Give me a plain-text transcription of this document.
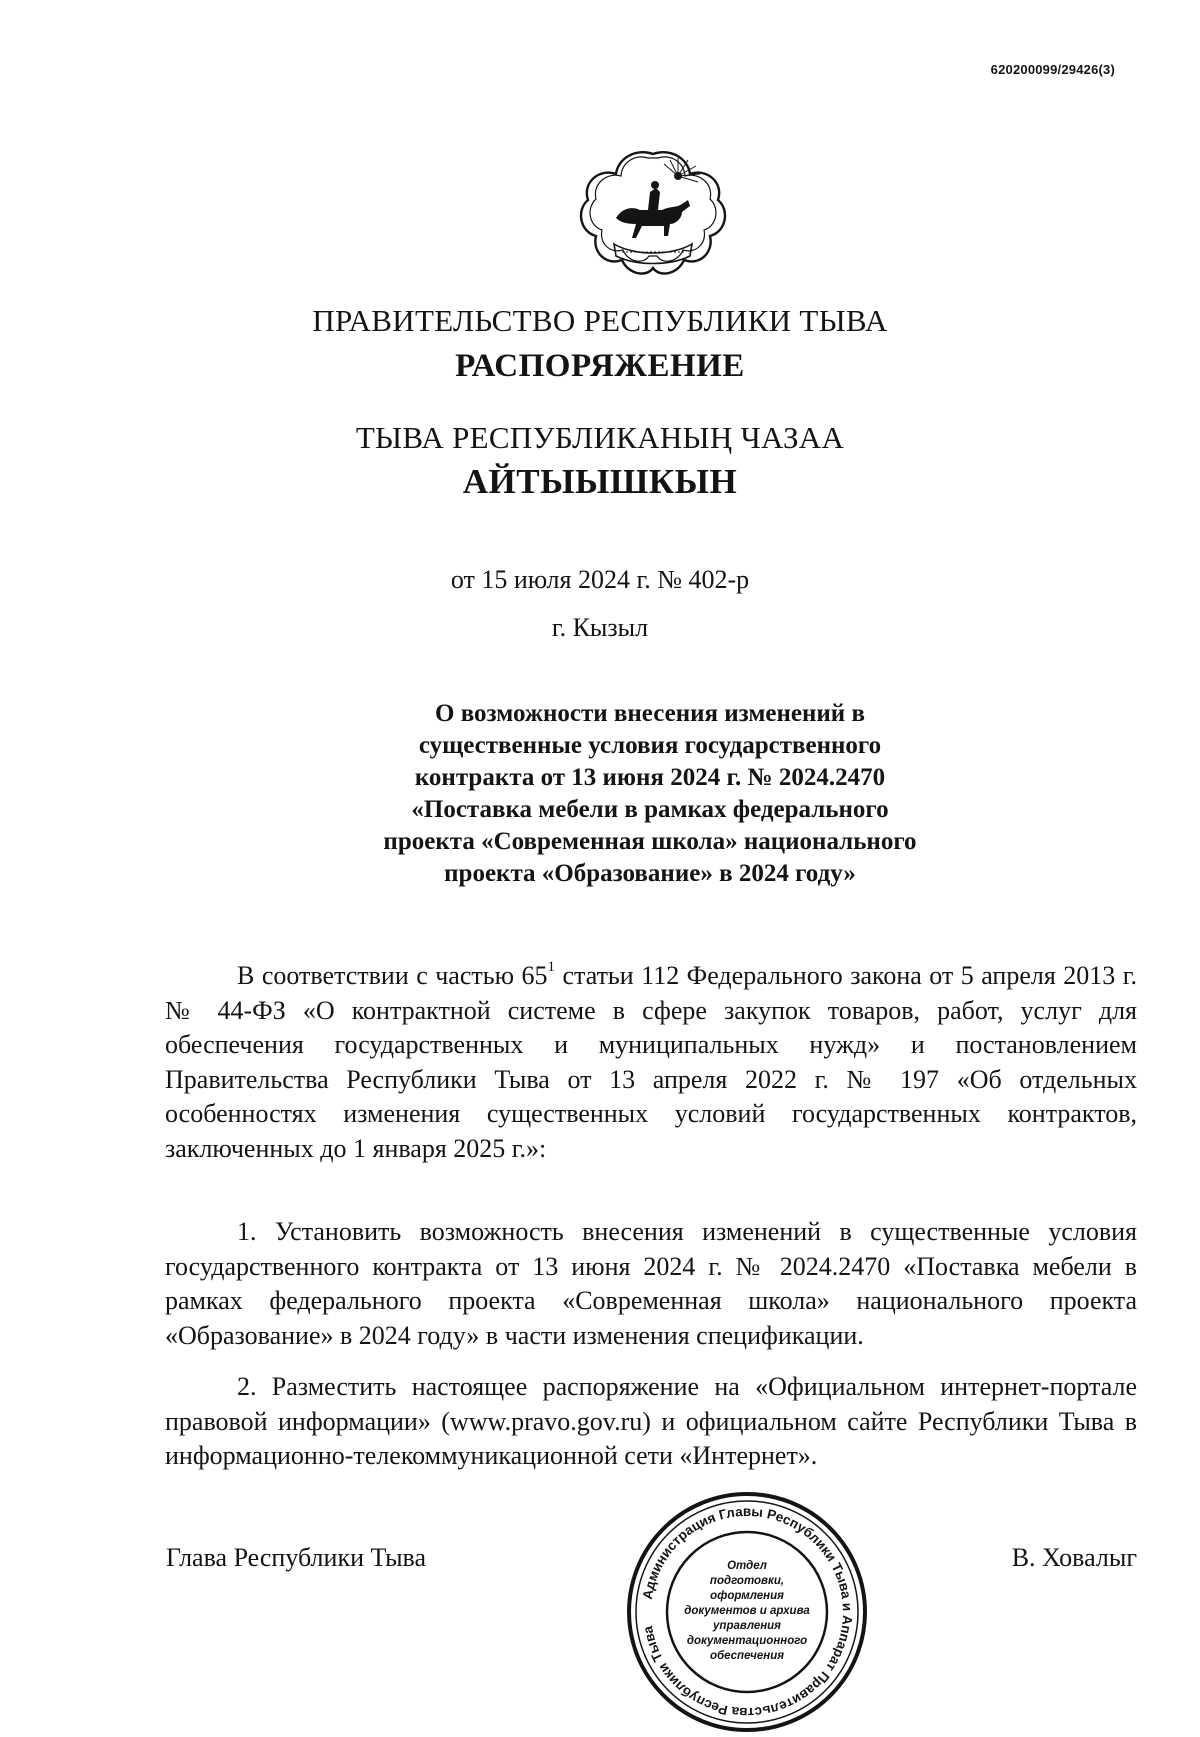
620200099/29426(3)
ПРАВИТЕЛЬСТВО РЕСПУБЛИКИ ТЫВА
РАСПОРЯЖЕНИЕ
ТЫВА РЕСПУБЛИКАНЫҢ ЧАЗАА
АЙТЫЫШКЫН
от 15 июля 2024 г. № 402-р
г. Кызыл
О возможности внесения изменений в
существенные условия государственного
контракта от 13 июня 2024 г. № 2024.2470
«Поставка мебели в рамках федерального
проекта «Современная школа» национального
проекта «Образование» в 2024 году»

В соответствии с частью $65^1$ статьи 112 Федерального закона от 5 апреля 2013 г. № 44-ФЗ «О контрактной системе в сфере закупок товаров, работ, услуг для обеспечения государственных и муниципальных нужд» и постановлением Правительства Республики Тыва от 13 апреля 2022 г. № 197 «Об отдельных особенностях изменения существенных условий государственных контрактов, заключенных до 1 января 2025 г.»:

1. Установить возможность внесения изменений в существенные условия государственного контракта от 13 июня 2024 г. № 2024.2470 «Поставка мебели в рамках федерального проекта «Современная школа» национального проекта «Образование» в 2024 году» в части изменения спецификации.

2. Разместить настоящее распоряжение на «Официальном интернет-портале правовой информации» (www.pravo.gov.ru) и официальном сайте Республики Тыва в информационно-телекоммуникационной сети «Интернет».

Глава Республики Тыва	В. Ховалыг
Администрация Главы Республики Тыва и Аппарат Правительства Республики Тыва
Отдел
подготовки,
оформления
документов и архива
управления
документационного
обеспечения
